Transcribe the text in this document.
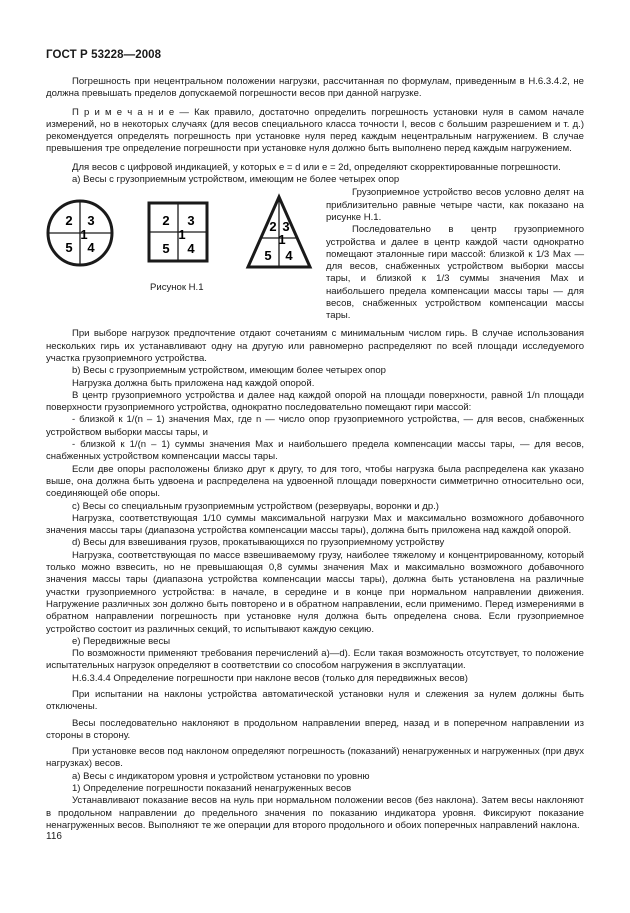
ГОСТ Р 53228—2008

Погрешность при нецентральном положении нагрузки, рассчитанная по формулам, приведенным в Н.6.3.4.2, не должна превышать пределов допускаемой погрешности весов при данной нагрузке.

П р и м е ч а н и е — Как правило, достаточно определить погрешность установки нуля в самом начале измерений, но в некоторых случаях (для весов специального класса точности I, весов с большим разрешением и т. д.) рекомендуется определять погрешность при установке нуля перед каждым нецентральным нагружением. В случае превышения тре определение погрешности при установке нуля должно быть выполнено перед каждым нагружением.

Для весов с цифровой индикацией, у которых e = d или e = 2d, определяют скорректированные погрешности.

a) Весы с грузоприемным устройством, имеющим не более четырех опор

2 3
1
5 4
2 3
1
5 4
2 3
1
5 4
Рисунок Н.1

Грузоприемное устройство весов условно делят на приблизительно равные четыре части, как показано на рисунке Н.1.

Последовательно в центр грузоприемного устройства и далее в центр каждой части однократно помещают эталонные гири массой: близкой к 1/3 Max — для весов, снабженных устройством выборки массы тары, и близкой к 1/3 суммы значения Max и наибольшего предела компенсации массы тары — для весов, снабженных устройством компенсации массы тары.

При выборе нагрузок предпочтение отдают сочетаниям с минимальным числом гирь. В случае использования нескольких гирь их устанавливают одну на другую или равномерно распределяют по всей площади исследуемого участка грузоприемного устройства.

b) Весы с грузоприемным устройством, имеющим более четырех опор

Нагрузка должна быть приложена над каждой опорой.

В центр грузоприемного устройства и далее над каждой опорой на площади поверхности, равной 1/n площади поверхности грузоприемного устройства, однократно последовательно помещают гири массой:

- близкой к 1/(n – 1) значения Max, где n — число опор грузоприемного устройства, — для весов, снабженных устройством выборки массы тары, и

- близкой к 1/(n – 1) суммы значения Max и наибольшего предела компенсации массы тары, — для весов, снабженных устройством компенсации массы тары.

Если две опоры расположены близко друг к другу, то для того, чтобы нагрузка была распределена как указано выше, она должна быть удвоена и распределена на удвоенной площади поверхности симметрично относительно оси, соединяющей обе опоры.

c) Весы со специальным грузоприемным устройством (резервуары, воронки и др.)

Нагрузка, соответствующая 1/10 суммы максимальной нагрузки Max и максимально возможного добавочного значения массы тары (диапазона устройства компенсации массы тары), должна быть приложена над каждой опорой.

d) Весы для взвешивания грузов, прокатывающихся по грузоприемному устройству

Нагрузка, соответствующая по массе взвешиваемому грузу, наиболее тяжелому и концентрированному, который только можно взвесить, но не превышающая 0,8 суммы значения Max и максимально возможного добавочного значения массы тары (диапазона устройства компенсации массы тары), должна быть установлена на различные участки грузоприемного устройства: в начале, в середине и в конце при нормальном направлении движения. Нагружение различных зон должно быть повторено и в обратном направлении, если применимо. Перед измерениями в обратном направлении погрешность при установке нуля должна быть определена снова. Если грузоприемное устройство состоит из различных секций, то испытывают каждую секцию.

e) Передвижные весы

По возможности применяют требования перечислений a)—d). Если такая возможность отсутствует, то положение испытательных нагрузок определяют в соответствии со способом нагружения в эксплуатации.

Н.6.3.4.4 Определение погрешности при наклоне весов (только для передвижных весов)

При испытании на наклоны устройства автоматической установки нуля и слежения за нулем должны быть отключены.

Весы последовательно наклоняют в продольном направлении вперед, назад и в поперечном направлении из стороны в сторону.

При установке весов под наклоном определяют погрешность (показаний) ненагруженных и нагруженных (при двух нагрузках) весов.

a) Весы с индикатором уровня и устройством установки по уровню

1) Определение погрешности показаний ненагруженных весов

Устанавливают показание весов на нуль при нормальном положении весов (без наклона). Затем весы наклоняют в продольном направлении до предельного значения по показанию индикатора уровня. Фиксируют показание ненагруженных весов. Выполняют те же операции для второго продольного и обоих поперечных направлений наклона.

116
